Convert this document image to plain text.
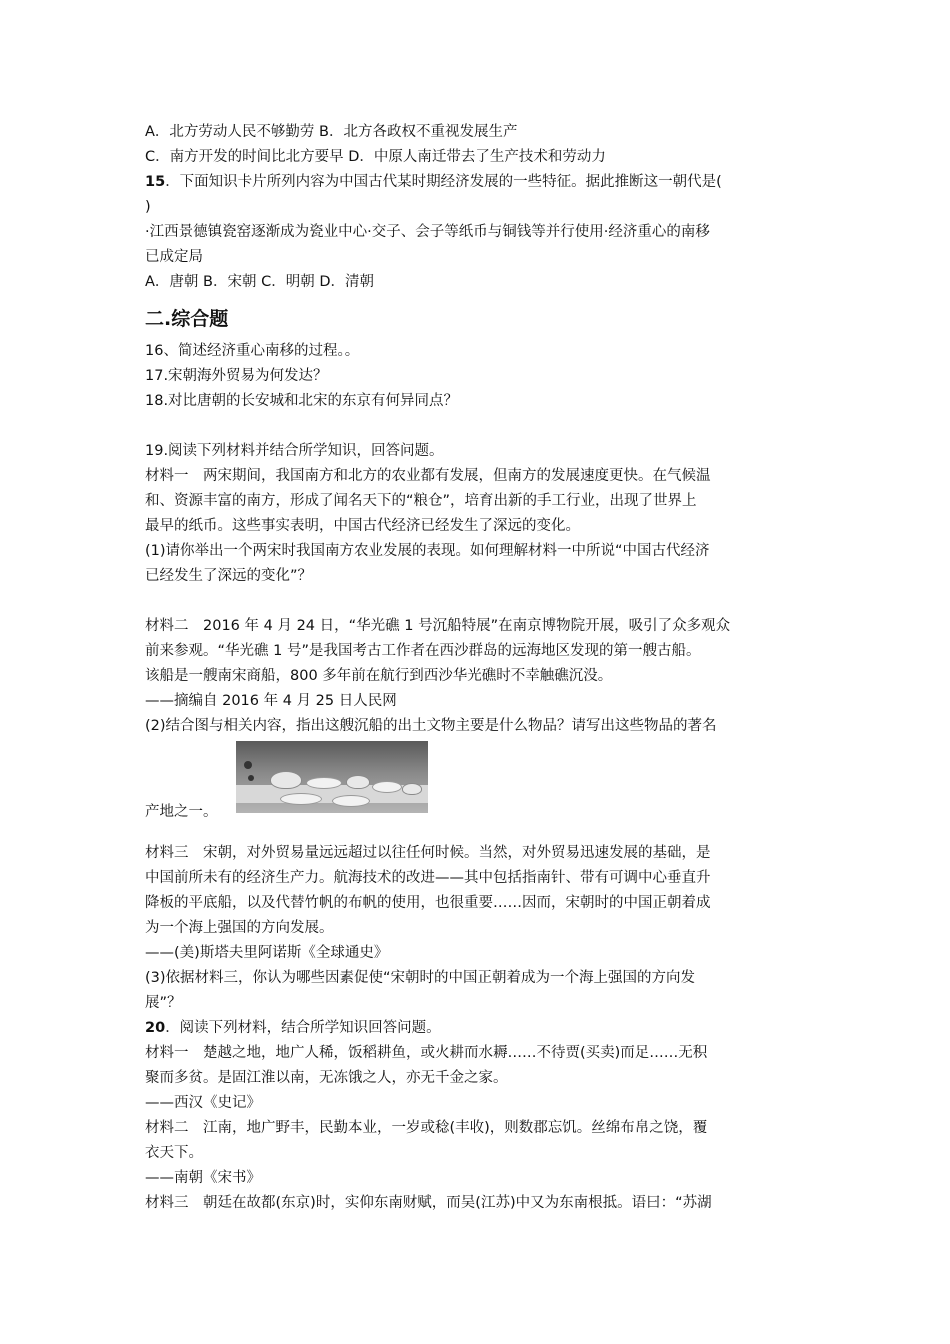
A．北方劳动人民不够勤劳 B．北方各政权不重视发展生产
C．南方开发的时间比北方要早 D．中原人南迁带去了生产技术和劳动力
15．下面知识卡片所列内容为中国古代某时期经济发展的一些特征。据此推断这一朝代是(
)
·江西景德镇瓷窑逐渐成为瓷业中心·交子、会子等纸币与铜钱等并行使用·经济重心的南移
已成定局
A．唐朝 B．宋朝 C．明朝 D．清朝
二.综合题
16、简述经济重心南移的过程。。
17.宋朝海外贸易为何发达？
18.对比唐朝的长安城和北宋的东京有何异同点？
19.阅读下列材料并结合所学知识，回答问题。
材料一　两宋期间，我国南方和北方的农业都有发展，但南方的发展速度更快。在气候温
和、资源丰富的南方，形成了闻名天下的“粮仓”，培育出新的手工行业，出现了世界上
最早的纸币。这些事实表明，中国古代经济已经发生了深远的变化。
(1)请你举出一个两宋时我国南方农业发展的表现。如何理解材料一中所说“中国古代经济
已经发生了深远的变化”？
材料二　2016 年 4 月 24 日，“华光礁 1 号沉船特展”在南京博物院开展，吸引了众多观众
前来参观。“华光礁 1 号”是我国考古工作者在西沙群岛的远海地区发现的第一艘古船。
该船是一艘南宋商船，800 多年前在航行到西沙华光礁时不幸触礁沉没。
——摘编自 2016 年 4 月 25 日人民网
(2)结合图与相关内容，指出这艘沉船的出土文物主要是什么物品？请写出这些物品的著名
产地之一。
材料三　宋朝，对外贸易量远远超过以往任何时候。当然，对外贸易迅速发展的基础，是
中国前所未有的经济生产力。航海技术的改进——其中包括指南针、带有可调中心垂直升
降板的平底船，以及代替竹帆的布帆的使用，也很重要……因而，宋朝时的中国正朝着成
为一个海上强国的方向发展。
——(美)斯塔夫里阿诺斯《全球通史》
(3)依据材料三，你认为哪些因素促使“宋朝时的中国正朝着成为一个海上强国的方向发
展”？
20．阅读下列材料，结合所学知识回答问题。
材料一　楚越之地，地广人稀，饭稻耕鱼，或火耕而水耨……不待贾(买卖)而足……无积
聚而多贫。是固江淮以南，无冻饿之人，亦无千金之家。
——西汉《史记》
材料二　江南，地广野丰，民勤本业，一岁或稔(丰收)，则数郡忘饥。丝绵布帛之饶，覆
衣天下。
——南朝《宋书》
材料三　朝廷在故都(东京)时，实仰东南财赋，而吴(江苏)中又为东南根抵。语曰：“苏湖
